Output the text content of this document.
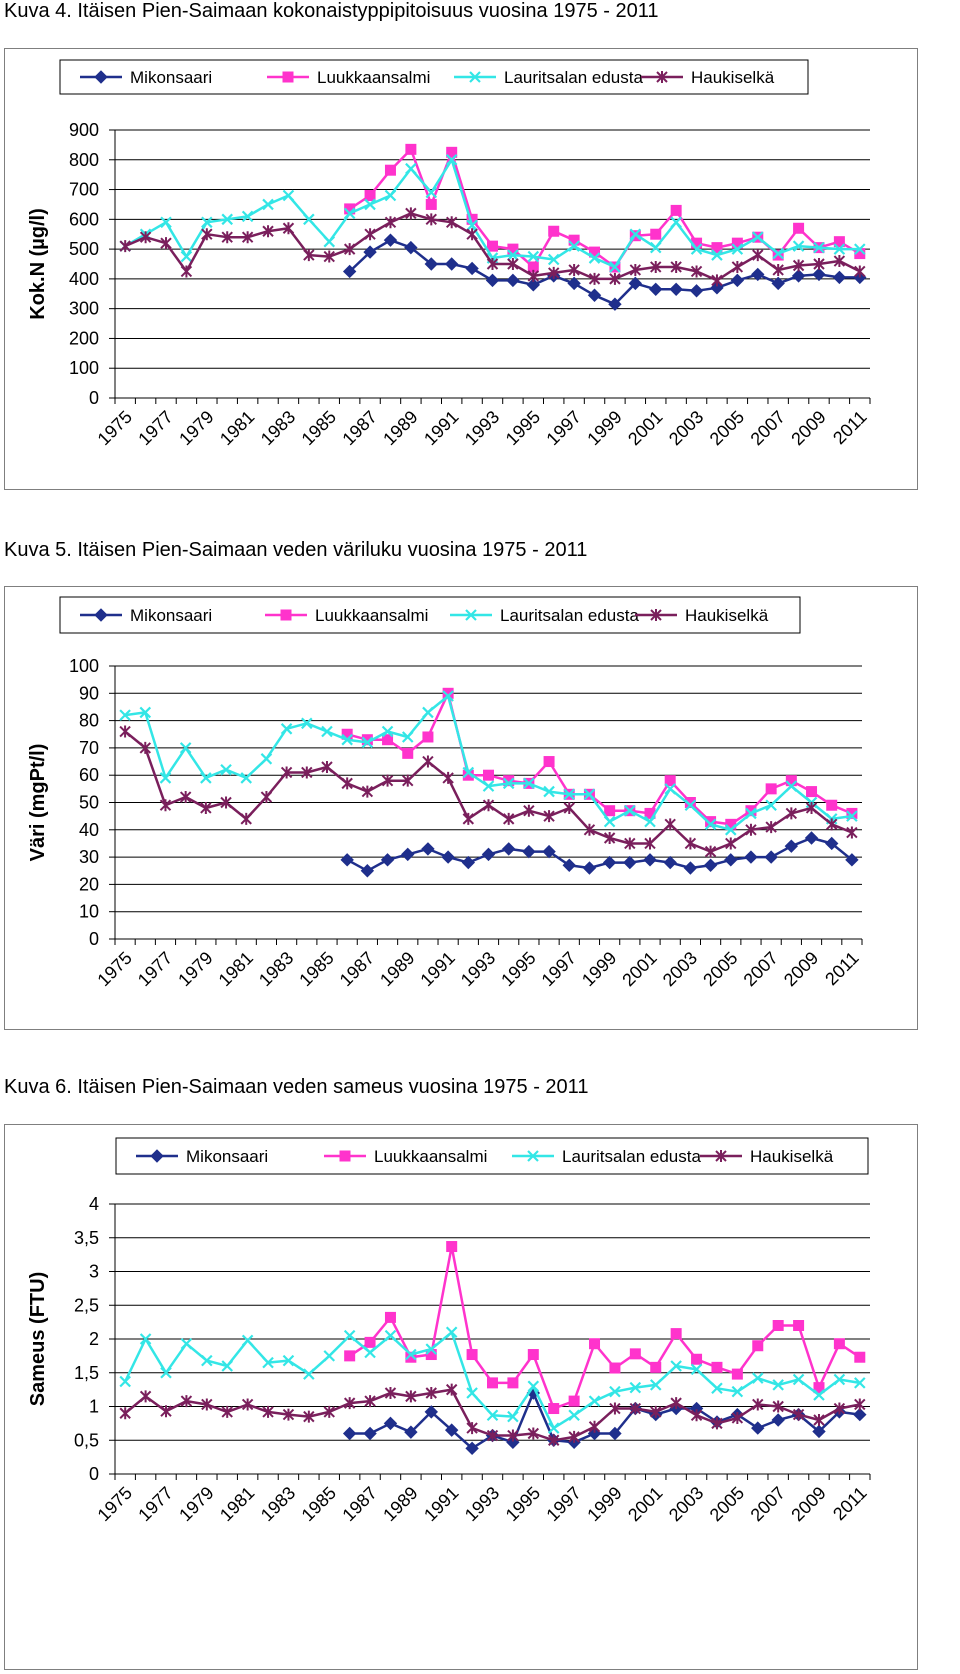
Kuva 4. Itäisen Pien-Saimaan kokonaistyppipitoisuus vuosina 1975 - 2011
Kuva 5. Itäisen Pien-Saimaan veden väriluku vuosina 1975 - 2011
Kuva 6. Itäisen Pien-Saimaan veden sameus vuosina 1975 - 2011
Mikonsaari	Luukkaansalmi	Lauritsalan edusta	Haukiselkä
0
100
200
300
400
500
600
700
800
900
1975
1977
1979
1981
1983
1985
1987
1989
1991
1993
1995
1997
1999
2001
2003
2005
2007
2009 2011
Kok.N (µg/l)
Mikonsaari	Luukkaansalmi	Lauritsalan edusta	Haukiselkä
0
10
20
30
40
50
60
70
80
90
100
1975
1977
1979
1981
1983
1985
1987
1989
1991
1993
1995
1997
1999
2001
2003
2005
2007
2009
2011
Väri (mgPt/l)
Mikonsaari	Luukkaansalmi	Lauritsalan edusta	Haukiselkä
0
0,5
1
1,5
2
2,5
3
3,5
4
1975
1977
1979
1981
1983
1985
1987
1989
1991
1993
1995
1997
1999
2001
2003
2005
2007
2009 2011
Sameus (FTU)
